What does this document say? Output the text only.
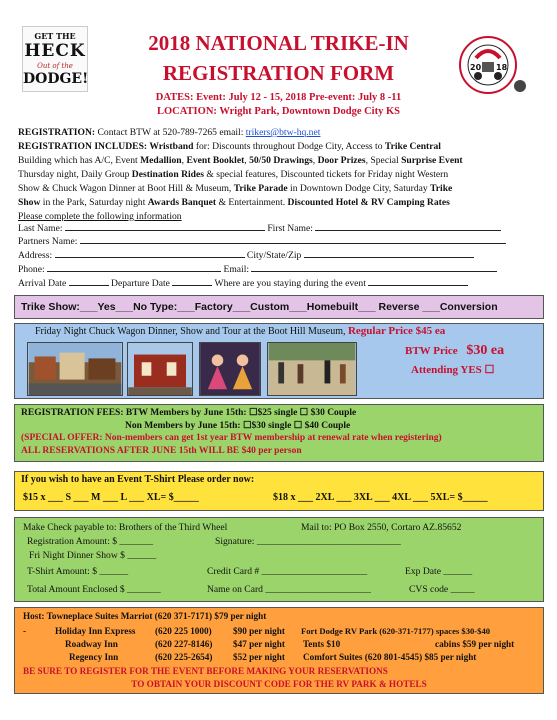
GET THE
HECK
Out of the
DODGE!
20 18
2018 NATIONAL TRIKE-IN
REGISTRATION FORM
DATES: Event: July 12 - 15, 2018 Pre-event: July 8 -11
LOCATION: Wright Park, Downtown Dodge City KS
REGISTRATION: Contact BTW at 520-789-7265 email: trikers@btw-hq.net
REGISTRATION INCLUDES: Wristband for: Discounts throughout Dodge City, Access to Trike Central
Building which has A/C, Event Medallion, Event Booklet, 50/50 Drawings, Door Prizes, Special Surprise Event
Thursday night, Daily Group Destination Rides & special features, Discounted tickets for Friday night Western
Show & Chuck Wagon Dinner at Boot Hill & Museum, Trike Parade in Downtown Dodge City, Saturday Trike
Show in the Park, Saturday night Awards Banquet & Entertainment. Discounted Hotel & RV Camping Rates
Please complete the following information
Last Name:	First Name:
Partners Name:
Address:	City/State/Zip
Phone:	Email:
Arrival Date	Departure Date	Where are you staying during the event
Trike Show:___Yes___No Type:___Factory___Custom___Homebuilt___ Reverse ___Conversion
Friday Night Chuck Wagon Dinner, Show and Tour at the Boot Hill Museum, Regular Price $45 ea
BTW Price $30 ea
Attending YES ☐
REGISTRATION FEES: BTW Members by June 15th: ☐$25 single ☐ $30 Couple
Non Members by June 15th: ☐$30 single ☐ $40 Couple
(SPECIAL OFFER: Non-members can get 1st year BTW membership at renewal rate when registering)
ALL RESERVATIONS AFTER JUNE 15th WILL BE $40 per person
If you wish to have an Event T-Shirt Please order now:
$15 x ___ S ___ M ___ L ___ XL= $_____	$18 x ___ 2XL ___ 3XL ___ 4XL ___ 5XL= $_____
Make Check payable to: Brothers of the Third Wheel	Mail to: PO Box 2550, Cortaro AZ.85652
Registration Amount: $ _______	Signature: ______________________________
Fri Night Dinner Show $ ______
T-Shirt Amount: $ ______	Credit Card # ______________________	Exp Date ______
Total Amount Enclosed $ _______	Name on Card ______________________	CVS code _____
Host: Towneplace Suites Marriot (620 371-7171) $79 per night
-	Holiday Inn Express (620 225 1000) $90 per night Fort Dodge RV Park (620-371-7177) spaces $30-$40
Roadway Inn	(620 227-8146) $47 per night Tents $10	cabins $59 per night
Regency Inn	(620 225-2654) $52 per night Comfort Suites (620 801-4545) $85 per night
BE SURE TO REGISTER FOR THE EVENT BEFORE MAKING YOUR RESERVATIONS
TO OBTAIN YOUR DISCOUNT CODE FOR THE RV PARK & HOTELS
